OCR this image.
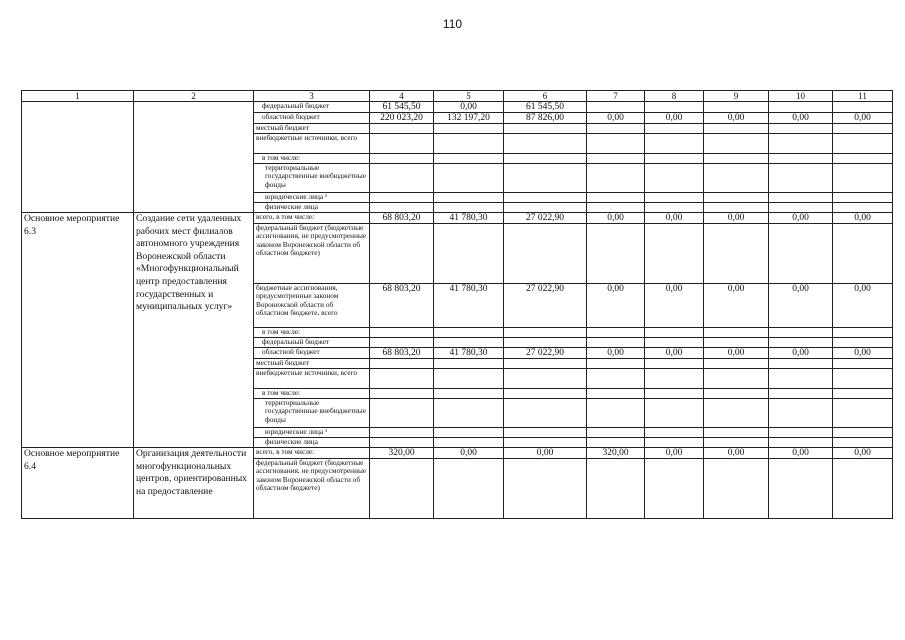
110
1	2	3	4	5	6	7	8	9	10	11
		федеральный бюджет	61 545,50	0,00	61 545,50					
		областной бюджет	220 023,20	132 197,20	87 826,00	0,00	0,00	0,00	0,00	0,00
		местный бюджет								
		внебюджетные источники, всего								
		в том числе:								
		территориальные государственные внебюджетные фонды								
		юридические лица ¹								
		физические лица								
Основное мероприятие 6.3	Создание сети удаленных рабочих мест филиалов автономного учреждения Воронежской области «Многофункциональный центр предоставления государственных и муниципальных услуг»	всего, в том числе:	68 803,20	41 780,30	27 022,90	0,00	0,00	0,00	0,00	0,00
		федеральный бюджет (бюджетные ассигнования, не предусмотренные законом Воронежской области об областном бюджете)								
		бюджетные ассигнования, предусмотренные законом Воронежской области об областном бюджете, всего	68 803,20	41 780,30	27 022,90	0,00	0,00	0,00	0,00	0,00
		в том числе:								
		федеральный бюджет								
		областной бюджет	68 803,20	41 780,30	27 022,90	0,00	0,00	0,00	0,00	0,00
		местный бюджет								
		внебюджетные источники, всего								
		в том числе:								
		территориальные государственные внебюджетные фонды								
		юридические лица ¹								
		физические лица								
Основное мероприятие 6.4	Организация деятельности многофункциональных центров, ориентированных на предоставление	всего, в том числе:	320,00	0,00	0,00	320,00	0,00	0,00	0,00	0,00
		федеральный бюджет (бюджетные ассигнования, не предусмотренные законом Воронежской области об областном бюджете)								
